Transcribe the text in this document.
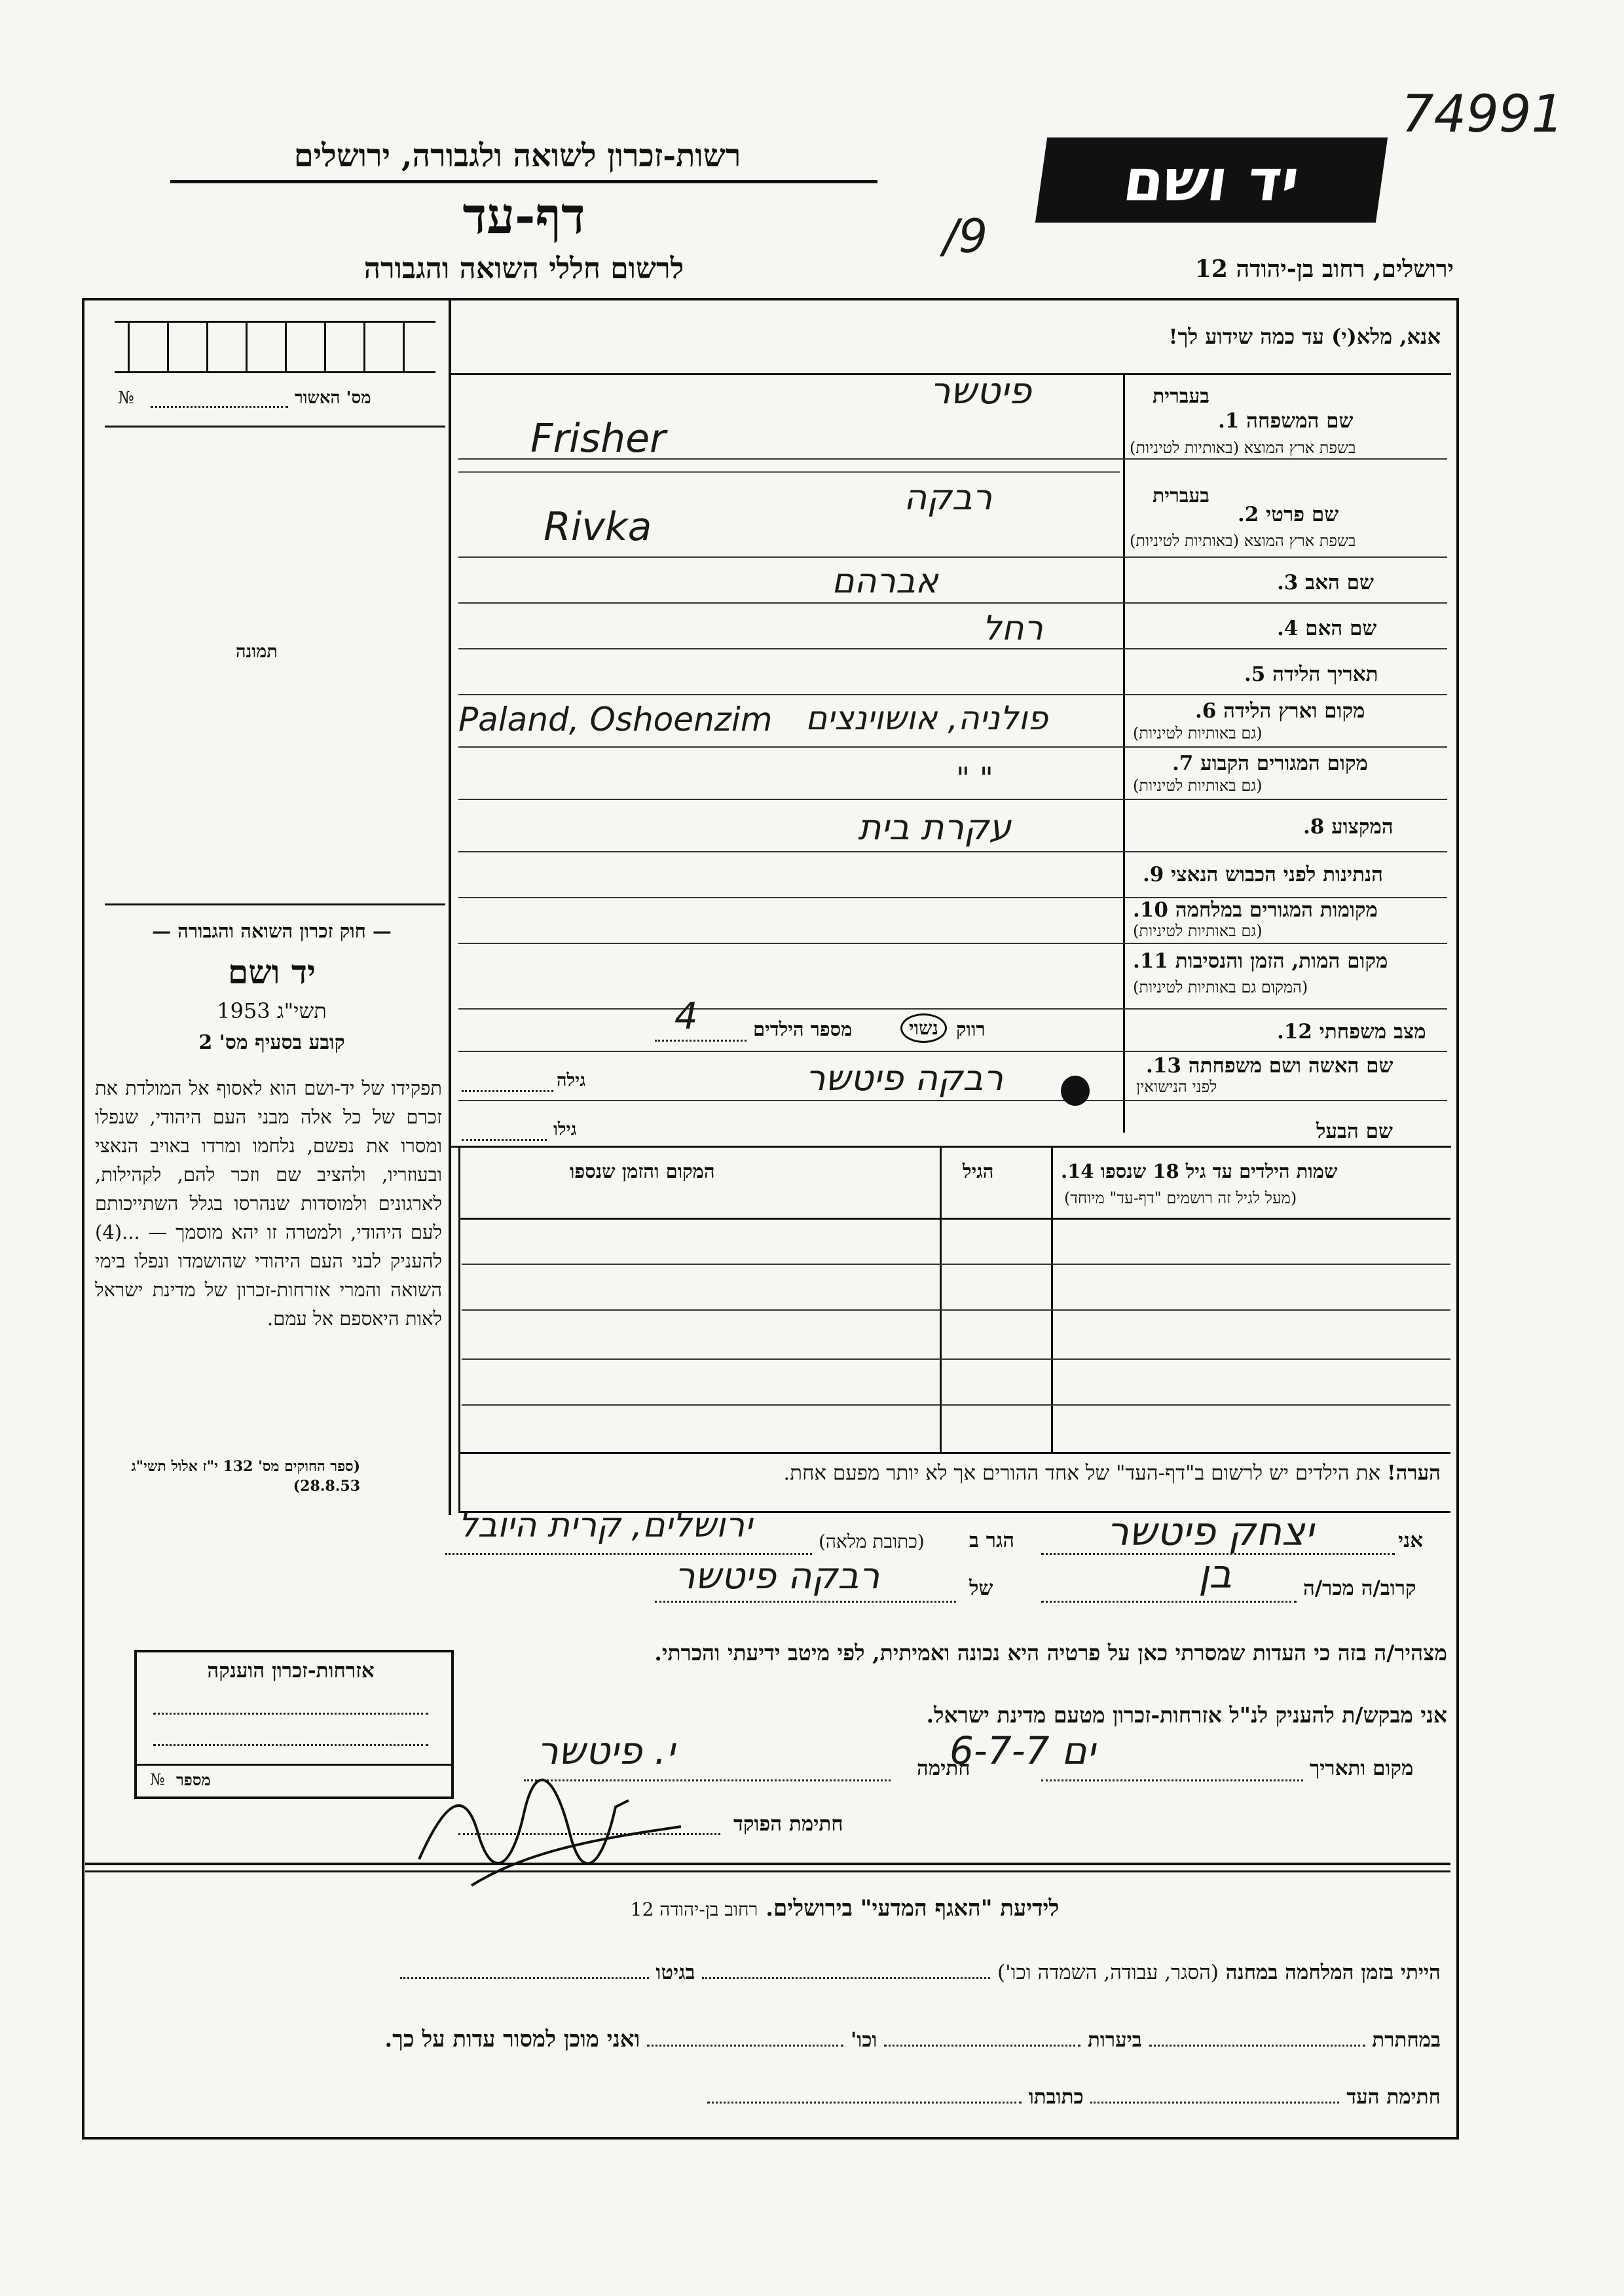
74991
רשות-זכרון לשואה ולגבורה, ירושלים
דף-עד
לרשום חללי השואה והגבורה
/9
יד ושם
ירושלים, רחוב בן-יהודה 12
מס' האשור
№
תמונה
— חוק זכרון השואה והגבורה —
יד ושם
תשי"ג 1953
קובע בסעיף מס' 2
תפקידו של יד-ושם הוא לאסוף אל המולדת את זכרם של כל אלה מבני העם היהודי, שנפלו ומסרו את נפשם, נלחמו ומרדו באויב הנאצי ובעוזריו, ולהציב שם וזכר להם, לקהילות, לארגונים ולמוסדות שנהרסו בגלל השתייכותם לעם היהודי, ולמטרה זו יהא מוסמך — ...(4) להעניק לבני העם היהודי שהושמדו ונפלו בימי השואה והמרי אזרחות-זכרון של מדינת ישראל לאות היאספם אל עמם.
(ספר החוקים מס' 132 י"ז אלול תשי"ג 28.8.53)
אנא, מלא(י) עד כמה שידוע לך!
בעברית
שם המשפחה 1.
בשפת ארץ המוצא (באותיות לטיניות)
פיטשר
Frisher
בעברית
שם פרטי 2.
בשפת ארץ המוצא (באותיות לטיניות)
רבקה
Rivka
שם האב 3.
אברהם
שם האם 4.
רחל
תאריך הלידה 5.
מקום וארץ הלידה 6.
(גם באותיות לטיניות)
פולניה, אושוינצים
Paland, Oshoenzim
מקום המגורים הקבוע 7.
(גם באותיות לטיניות)
" "
המקצוע 8.
עקרת בית
הנתינות לפני הכבוש הנאצי 9.
מקומות המגורים במלחמה 10.
(גם באותיות לטיניות)
מקום המות, הזמן והנסיבות 11.
(המקום גם באותיות לטיניות)
מצב משפחתי 12.
רווק
נשוי
מספר הילדים
4
שם האשה ושם משפחתה 13.
לפני הנישואין
רבקה פיטשר
גילה
שם הבעל
גילו
שמות הילדים עד גיל 18 שנספו 14.
(מעל לגיל זה רושמים "דף-עד" מיוחד)
הגיל
המקום והזמן שנספו
הערה! את הילדים יש לרשום ב"דף-העד" של אחד ההורים אך לא יותר מפעם אחת.
אני
יצחק פיטשר
הגר ב
(כתובת מלאה)
ירושלים, קרית היובל
קרוב/ה מכר/ה
בן
של
רבקה פיטשר
מצהיר/ה בזה כי העדות שמסרתי כאן על פרטיה היא נכונה ואמיתית, לפי מיטב ידיעתי והכרתי.
אזרחות-זכרון הוענקה
מספר
№
אני מבקש/ת להעניק לנ"ל אזרחות-זכרון מטעם מדינת ישראל.
מקום ותאריך
ים 6-7-7
חתימה
י. פיטשר
חתימת הפוקד
לידיעת "האגף המדעי" בירושלים. רחוב בן-יהודה 12
הייתי בזמן המלחמה במחנה (הסגר, עבודה, השמדה וכו')  בגיטו
במחתרת  ביערות  וכו'  ואני מוכן למסור עדות על כך.
חתימת העד  כתובתו
